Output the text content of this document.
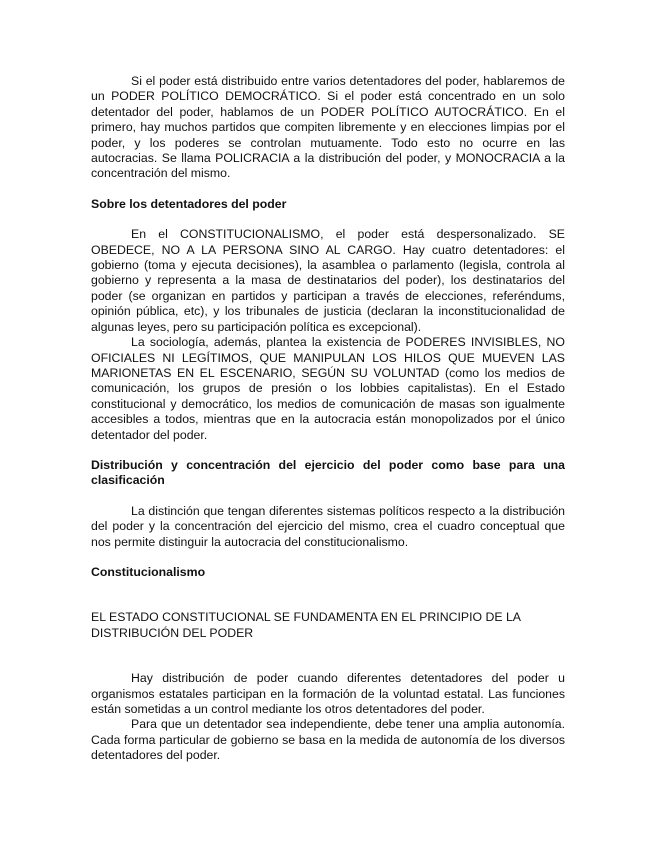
Si el poder está distribuido entre varios detentadores del poder, hablaremos de un PODER POLÍTICO DEMOCRÁTICO. Si el poder está concentrado en un solo detentador del poder, hablamos de un PODER POLÍTICO AUTOCRÁTICO. En el primero, hay muchos partidos que compiten libremente y en elecciones limpias por el poder, y los poderes se controlan mutuamente. Todo esto no ocurre en las autocracias. Se llama POLICRACIA a la distribución del poder, y MONOCRACIA a la concentración del mismo.

Sobre los detentadores del poder

En el CONSTITUCIONALISMO, el poder está despersonalizado. SE OBEDECE, NO A LA PERSONA SINO AL CARGO. Hay cuatro detentadores: el gobierno (toma y ejecuta decisiones), la asamblea o parlamento (legisla, controla al gobierno y representa a la masa de destinatarios del poder), los destinatarios del poder (se organizan en partidos y participan a través de elecciones, referéndums, opinión pública, etc), y los tribunales de justicia (declaran la inconstitucionalidad de algunas leyes, pero su participación política es excepcional).

La sociología, además, plantea la existencia de PODERES INVISIBLES, NO OFICIALES NI LEGÍTIMOS, QUE MANIPULAN LOS HILOS QUE MUEVEN LAS MARIONETAS EN EL ESCENARIO, SEGÚN SU VOLUNTAD (como los medios de comunicación, los grupos de presión o los lobbies capitalistas). En el Estado constitucional y democrático, los medios de comunicación de masas son igualmente accesibles a todos, mientras que en la autocracia están monopolizados por el único detentador del poder.

Distribución y concentración del ejercicio del poder como base para una clasificación

La distinción que tengan diferentes sistemas políticos respecto a la distribución del poder y la concentración del ejercicio del mismo, crea el cuadro conceptual que nos permite distinguir la autocracia del constitucionalismo.

Constitucionalismo

EL ESTADO CONSTITUCIONAL SE FUNDAMENTA EN EL PRINCIPIO DE LA DISTRIBUCIÓN DEL PODER

Hay distribución de poder cuando diferentes detentadores del poder u organismos estatales participan en la formación de la voluntad estatal. Las funciones están sometidas a un control mediante los otros detentadores del poder.

Para que un detentador sea independiente, debe tener una amplia autonomía. Cada forma particular de gobierno se basa en la medida de autonomía de los diversos detentadores del poder.
